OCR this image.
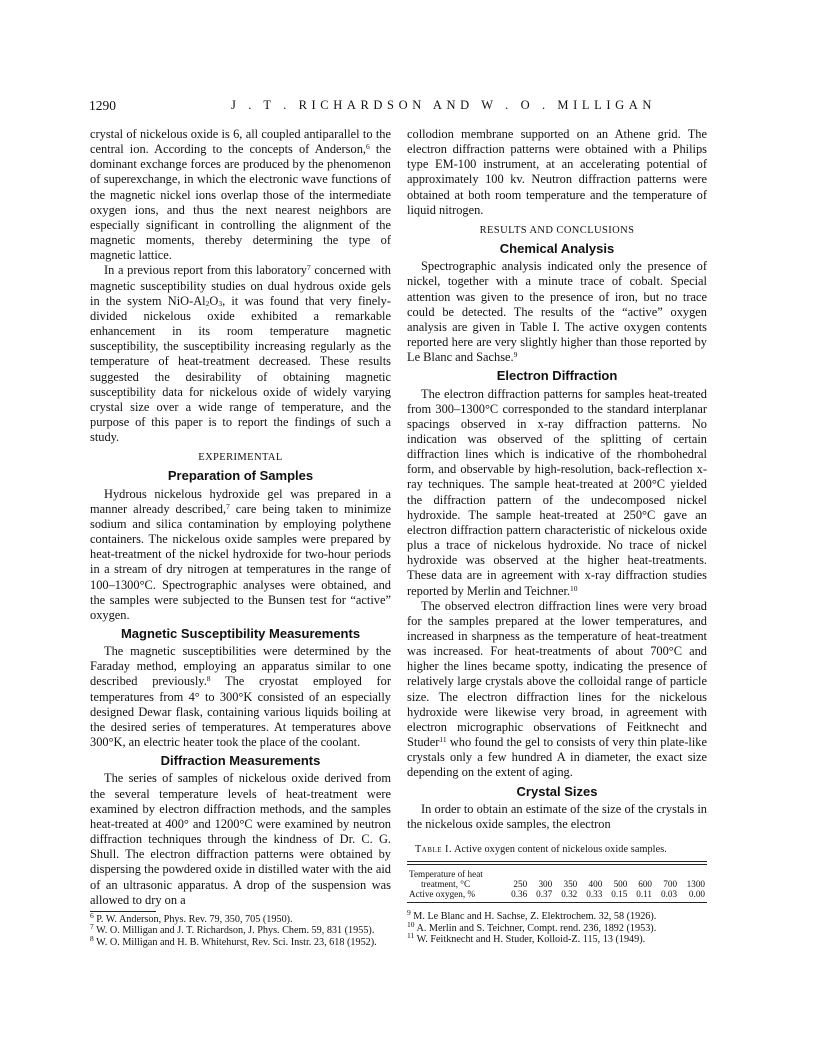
1290	J . T . RICHARDSON AND W . O . MILLIGAN

crystal of nickelous oxide is 6, all coupled antiparallel to the central ion. According to the concepts of Anderson,$^6$ the dominant exchange forces are produced by the phenomenon of superexchange, in which the electronic wave functions of the magnetic nickel ions overlap those of the intermediate oxygen ions, and thus the next nearest neighbors are especially significant in controlling the alignment of the magnetic moments, thereby determining the type of magnetic lattice.

In a previous report from this laboratory$^7$ concerned with magnetic susceptibility studies on dual hydrous oxide gels in the system NiO-$Al_2O_3$, it was found that very finely-divided nickelous oxide exhibited a remarkable enhancement in its room temperature magnetic susceptibility, the susceptibility increasing regularly as the temperature of heat-treatment decreased. These results suggested the desirability of obtaining magnetic susceptibility data for nickelous oxide of widely varying crystal size over a wide range of temperature, and the purpose of this paper is to report the findings of such a study.

EXPERIMENTAL
Preparation of Samples

Hydrous nickelous hydroxide gel was prepared in a manner already described,$^7$ care being taken to minimize sodium and silica contamination by employing polythene containers. The nickelous oxide samples were prepared by heat-treatment of the nickel hydroxide for two-hour periods in a stream of dry nitrogen at temperatures in the range of 100–1300°C. Spectrographic analyses were obtained, and the samples were subjected to the Bunsen test for “active” oxygen.

Magnetic Susceptibility Measurements

The magnetic susceptibilities were determined by the Faraday method, employing an apparatus similar to one described previously.$^8$ The cryostat employed for temperatures from 4° to 300°K consisted of an especially designed Dewar flask, containing various liquids boiling at the desired series of temperatures. At temperatures above 300°K, an electric heater took the place of the coolant.

Diffraction Measurements

The series of samples of nickelous oxide derived from the several temperature levels of heat-treatment were examined by electron diffraction methods, and the samples heat-treated at 400° and 1200°C were examined by neutron diffraction techniques through the kindness of Dr. C. G. Shull. The electron diffraction patterns were obtained by dispersing the powdered oxide in distilled water with the aid of an ultrasonic apparatus. A drop of the suspension was allowed to dry on a

$^6$ P. W. Anderson, Phys. Rev. 79, 350, 705 (1950).

$^7$ W. O. Milligan and J. T. Richardson, J. Phys. Chem. 59, 831 (1955).

$^8$ W. O. Milligan and H. B. Whitehurst, Rev. Sci. Instr. 23, 618 (1952).

collodion membrane supported on an Athene grid. The electron diffraction patterns were obtained with a Philips type EM-100 instrument, at an accelerating potential of approximately 100 kv. Neutron diffraction patterns were obtained at both room temperature and the temperature of liquid nitrogen.

RESULTS AND CONCLUSIONS
Chemical Analysis

Spectrographic analysis indicated only the presence of nickel, together with a minute trace of cobalt. Special attention was given to the presence of iron, but no trace could be detected. The results of the “active” oxygen analysis are given in Table I. The active oxygen contents reported here are very slightly higher than those reported by Le Blanc and Sachse.$^9$

Electron Diffraction

The electron diffraction patterns for samples heat-treated from 300–1300°C corresponded to the standard interplanar spacings observed in x-ray diffraction patterns. No indication was observed of the splitting of certain diffraction lines which is indicative of the rhombohedral form, and observable by high-resolution, back-reflection x-ray techniques. The sample heat-treated at 200°C yielded the diffraction pattern of the undecomposed nickel hydroxide. The sample heat-treated at 250°C gave an electron diffraction pattern characteristic of nickelous oxide plus a trace of nickelous hydroxide. No trace of nickel hydroxide was observed at the higher heat-treatments. These data are in agreement with x-ray diffraction studies reported by Merlin and Teichner.$^{10}$

The observed electron diffraction lines were very broad for the samples prepared at the lower temperatures, and increased in sharpness as the temperature of heat-treatment was increased. For heat-treatments of about 700°C and higher the lines became spotty, indicating the presence of relatively large crystals above the colloidal range of particle size. The electron diffraction lines for the nickelous hydroxide were likewise very broad, in agreement with electron micrographic observations of Feitknecht and Studer$^{11}$ who found the gel to consists of very thin plate-like crystals only a few hundred A in diameter, the exact size depending on the extent of aging.

Crystal Sizes

In order to obtain an estimate of the size of the crystals in the nickelous oxide samples, the electron

Table I. Active oxygen content of nickelous oxide samples.
Temperature of heat
treatment, °C	250	300	350	400	500	600	700	1300
Active oxygen, %	0.36	0.37	0.32	0.33	0.15	0.11	0.03	0.00

$^9$ M. Le Blanc and H. Sachse, Z. Elektrochem. 32, 58 (1926).

$^{10}$ A. Merlin and S. Teichner, Compt. rend. 236, 1892 (1953).

$^{11}$ W. Feitknecht and H. Studer, Kolloid-Z. 115, 13 (1949).
